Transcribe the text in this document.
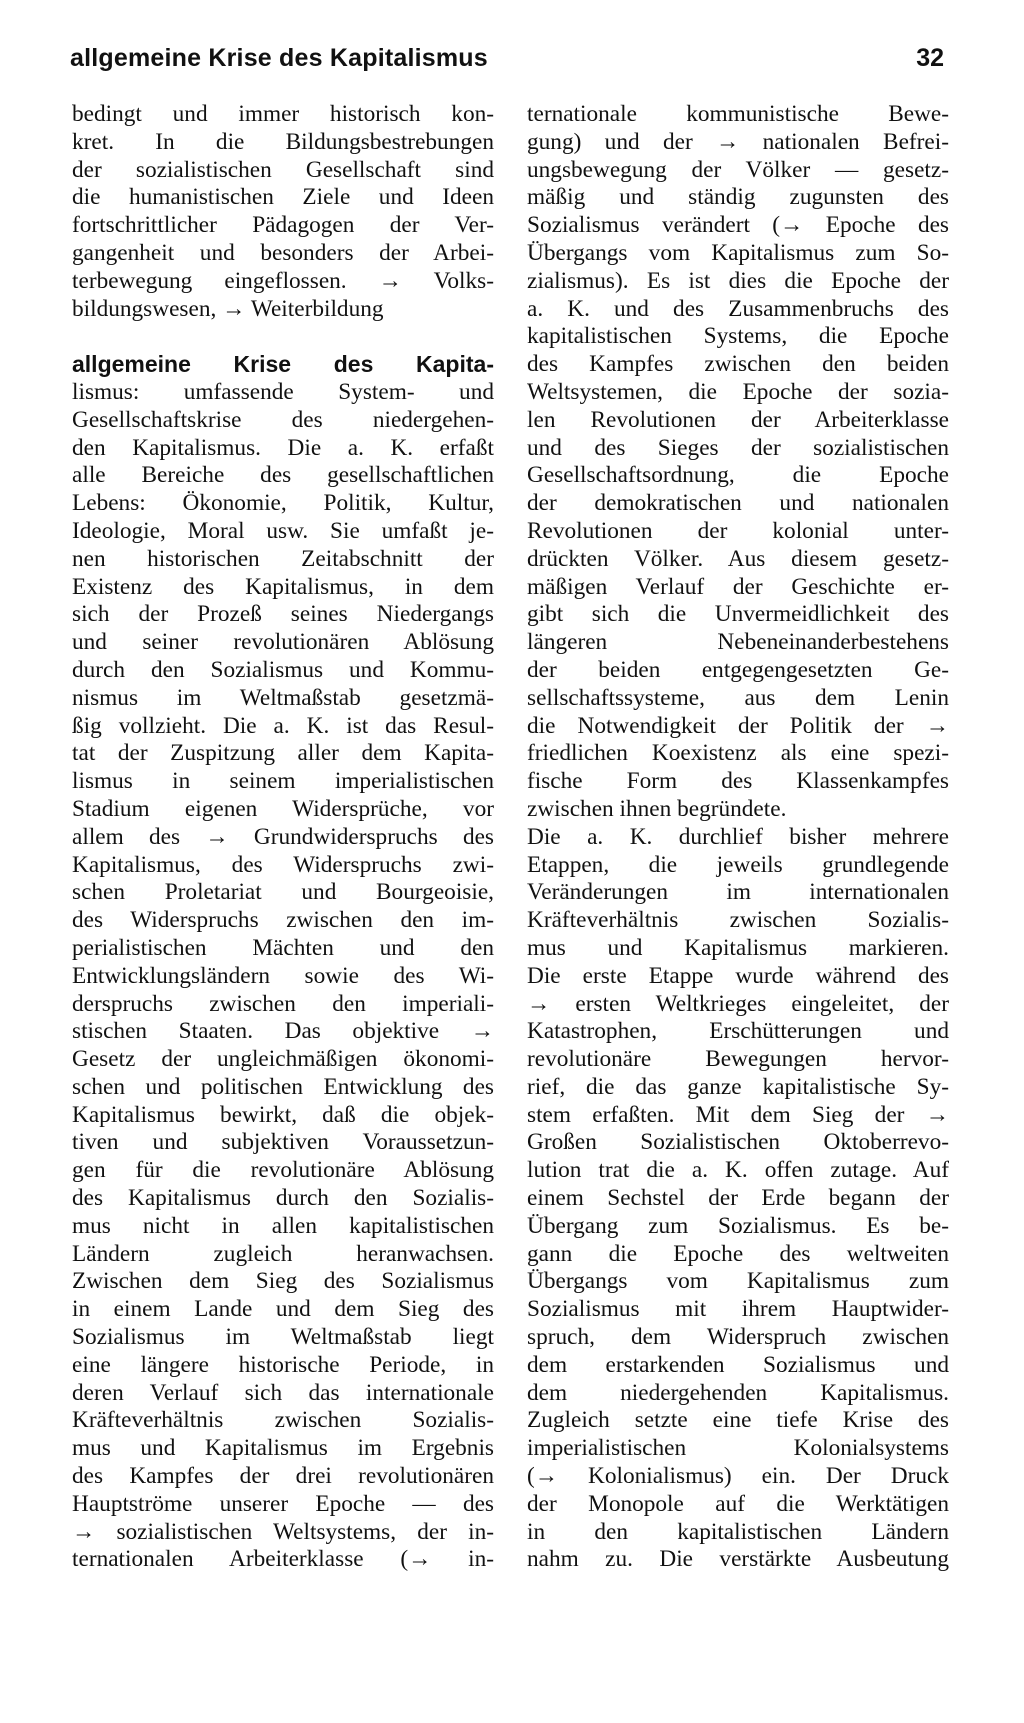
allgemeine Krise des Kapitalismus	32
bedingt und immer historisch kon-
kret. In die Bildungsbestrebungen
der sozialistischen Gesellschaft sind
die humanistischen Ziele und Ideen
fortschrittlicher Pädagogen der Ver-
gangenheit und besonders der Arbei-
terbewegung eingeflossen. → Volks-
bildungswesen, → Weiterbildung
allgemeine Krise des Kapita-
lismus: umfassende System- und
Gesellschaftskrise des niedergehen-
den Kapitalismus. Die a. K. erfaßt
alle Bereiche des gesellschaftlichen
Lebens: Ökonomie, Politik, Kultur,
Ideologie, Moral usw. Sie umfaßt je-
nen historischen Zeitabschnitt der
Existenz des Kapitalismus, in dem
sich der Prozeß seines Niedergangs
und seiner revolutionären Ablösung
durch den Sozialismus und Kommu-
nismus im Weltmaßstab gesetzmä-
ßig vollzieht. Die a. K. ist das Resul-
tat der Zuspitzung aller dem Kapita-
lismus in seinem imperialistischen
Stadium eigenen Widersprüche, vor
allem des → Grundwiderspruchs des
Kapitalismus, des Widerspruchs zwi-
schen Proletariat und Bourgeoisie,
des Widerspruchs zwischen den im-
perialistischen Mächten und den
Entwicklungsländern sowie des Wi-
derspruchs zwischen den imperiali-
stischen Staaten. Das objektive →
Gesetz der ungleichmäßigen ökonomi-
schen und politischen Entwicklung des
Kapitalismus bewirkt, daß die objek-
tiven und subjektiven Voraussetzun-
gen für die revolutionäre Ablösung
des Kapitalismus durch den Sozialis-
mus nicht in allen kapitalistischen
Ländern zugleich heranwachsen.
Zwischen dem Sieg des Sozialismus
in einem Lande und dem Sieg des
Sozialismus im Weltmaßstab liegt
eine längere historische Periode, in
deren Verlauf sich das internationale
Kräfteverhältnis zwischen Sozialis-
mus und Kapitalismus im Ergebnis
des Kampfes der drei revolutionären
Hauptströme unserer Epoche — des
→ sozialistischen Weltsystems, der in-
ternationalen Arbeiterklasse (→ in-
ternationale kommunistische Bewe-
gung) und der → nationalen Befrei-
ungsbewegung der Völker — gesetz-
mäßig und ständig zugunsten des
Sozialismus verändert (→ Epoche des
Übergangs vom Kapitalismus zum So-
zialismus). Es ist dies die Epoche der
a. K. und des Zusammenbruchs des
kapitalistischen Systems, die Epoche
des Kampfes zwischen den beiden
Weltsystemen, die Epoche der sozia-
len Revolutionen der Arbeiterklasse
und des Sieges der sozialistischen
Gesellschaftsordnung, die Epoche
der demokratischen und nationalen
Revolutionen der kolonial unter-
drückten Völker. Aus diesem gesetz-
mäßigen Verlauf der Geschichte er-
gibt sich die Unvermeidlichkeit des
längeren Nebeneinanderbestehens
der beiden entgegengesetzten Ge-
sellschaftssysteme, aus dem Lenin
die Notwendigkeit der Politik der →
friedlichen Koexistenz als eine spezi-
fische Form des Klassenkampfes
zwischen ihnen begründete.
Die a. K. durchlief bisher mehrere
Etappen, die jeweils grundlegende
Veränderungen im internationalen
Kräfteverhältnis zwischen Sozialis-
mus und Kapitalismus markieren.
Die erste Etappe wurde während des
→ ersten Weltkrieges eingeleitet, der
Katastrophen, Erschütterungen und
revolutionäre Bewegungen hervor-
rief, die das ganze kapitalistische Sy-
stem erfaßten. Mit dem Sieg der →
Großen Sozialistischen Oktoberrevo-
lution trat die a. K. offen zutage. Auf
einem Sechstel der Erde begann der
Übergang zum Sozialismus. Es be-
gann die Epoche des weltweiten
Übergangs vom Kapitalismus zum
Sozialismus mit ihrem Hauptwider-
spruch, dem Widerspruch zwischen
dem erstarkenden Sozialismus und
dem niedergehenden Kapitalismus.
Zugleich setzte eine tiefe Krise des
imperialistischen Kolonialsystems
(→ Kolonialismus) ein. Der Druck
der Monopole auf die Werktätigen
in den kapitalistischen Ländern
nahm zu. Die verstärkte Ausbeutung
